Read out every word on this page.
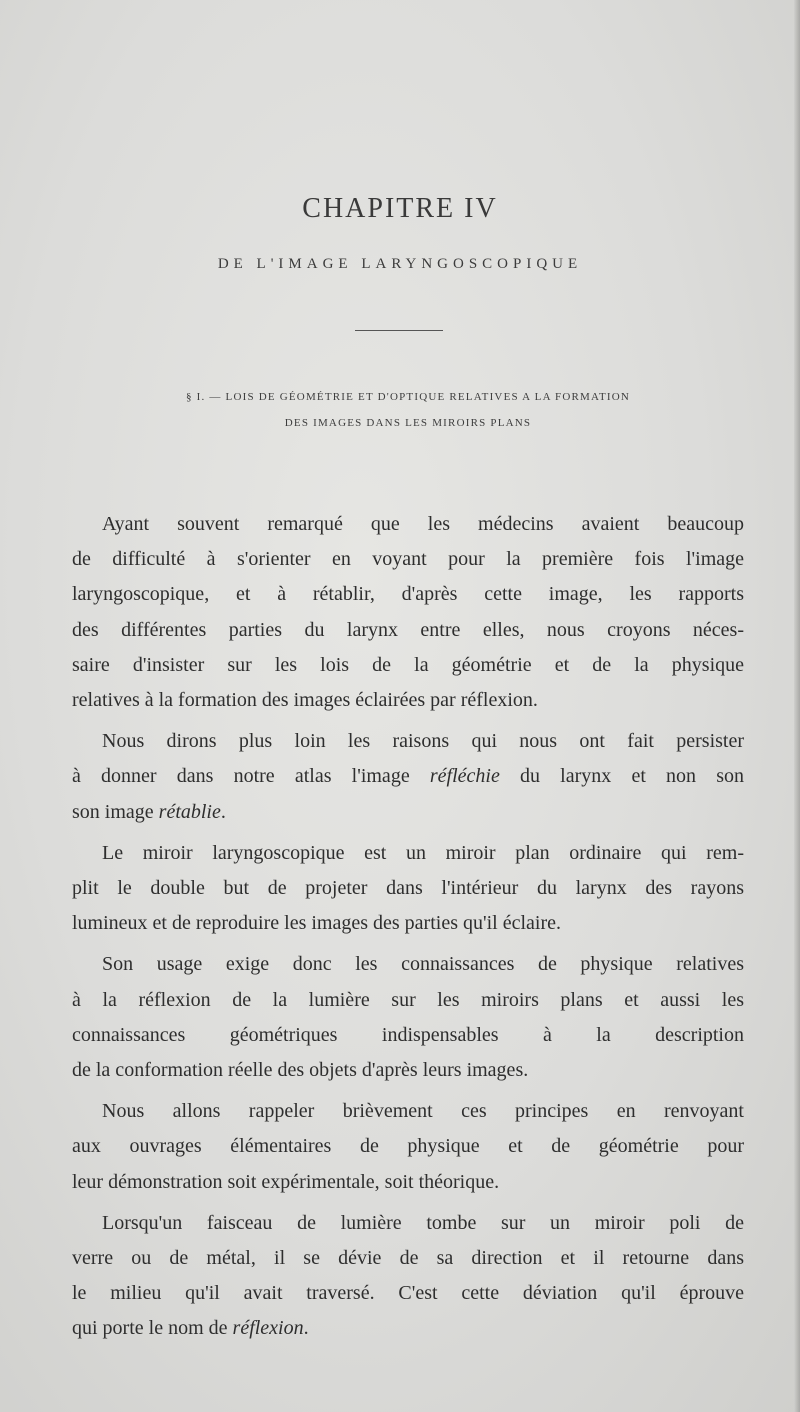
CHAPITRE IV
DE L'IMAGE LARYNGOSCOPIQUE
§ I. — LOIS DE GÉOMÉTRIE ET D'OPTIQUE RELATIVES A LA FORMATION
DES IMAGES DANS LES MIROIRS PLANS
Ayant souvent remarqué que les médecins avaient beaucoup
de difficulté à s'orienter en voyant pour la première fois l'image
laryngoscopique, et à rétablir, d'après cette image, les rapports
des différentes parties du larynx entre elles, nous croyons néces-
saire d'insister sur les lois de la géométrie et de la physique
relatives à la formation des images éclairées par réflexion.
Nous dirons plus loin les raisons qui nous ont fait persister
à donner dans notre atlas l'image réfléchie du larynx et non son
son image rétablie.
Le miroir laryngoscopique est un miroir plan ordinaire qui rem-
plit le double but de projeter dans l'intérieur du larynx des rayons
lumineux et de reproduire les images des parties qu'il éclaire.
Son usage exige donc les connaissances de physique relatives
à la réflexion de la lumière sur les miroirs plans et aussi les
connaissances géométriques indispensables à la description
de la conformation réelle des objets d'après leurs images.
Nous allons rappeler brièvement ces principes en renvoyant
aux ouvrages élémentaires de physique et de géométrie pour
leur démonstration soit expérimentale, soit théorique.
Lorsqu'un faisceau de lumière tombe sur un miroir poli de
verre ou de métal, il se dévie de sa direction et il retourne dans
le milieu qu'il avait traversé. C'est cette déviation qu'il éprouve
qui porte le nom de réflexion.
